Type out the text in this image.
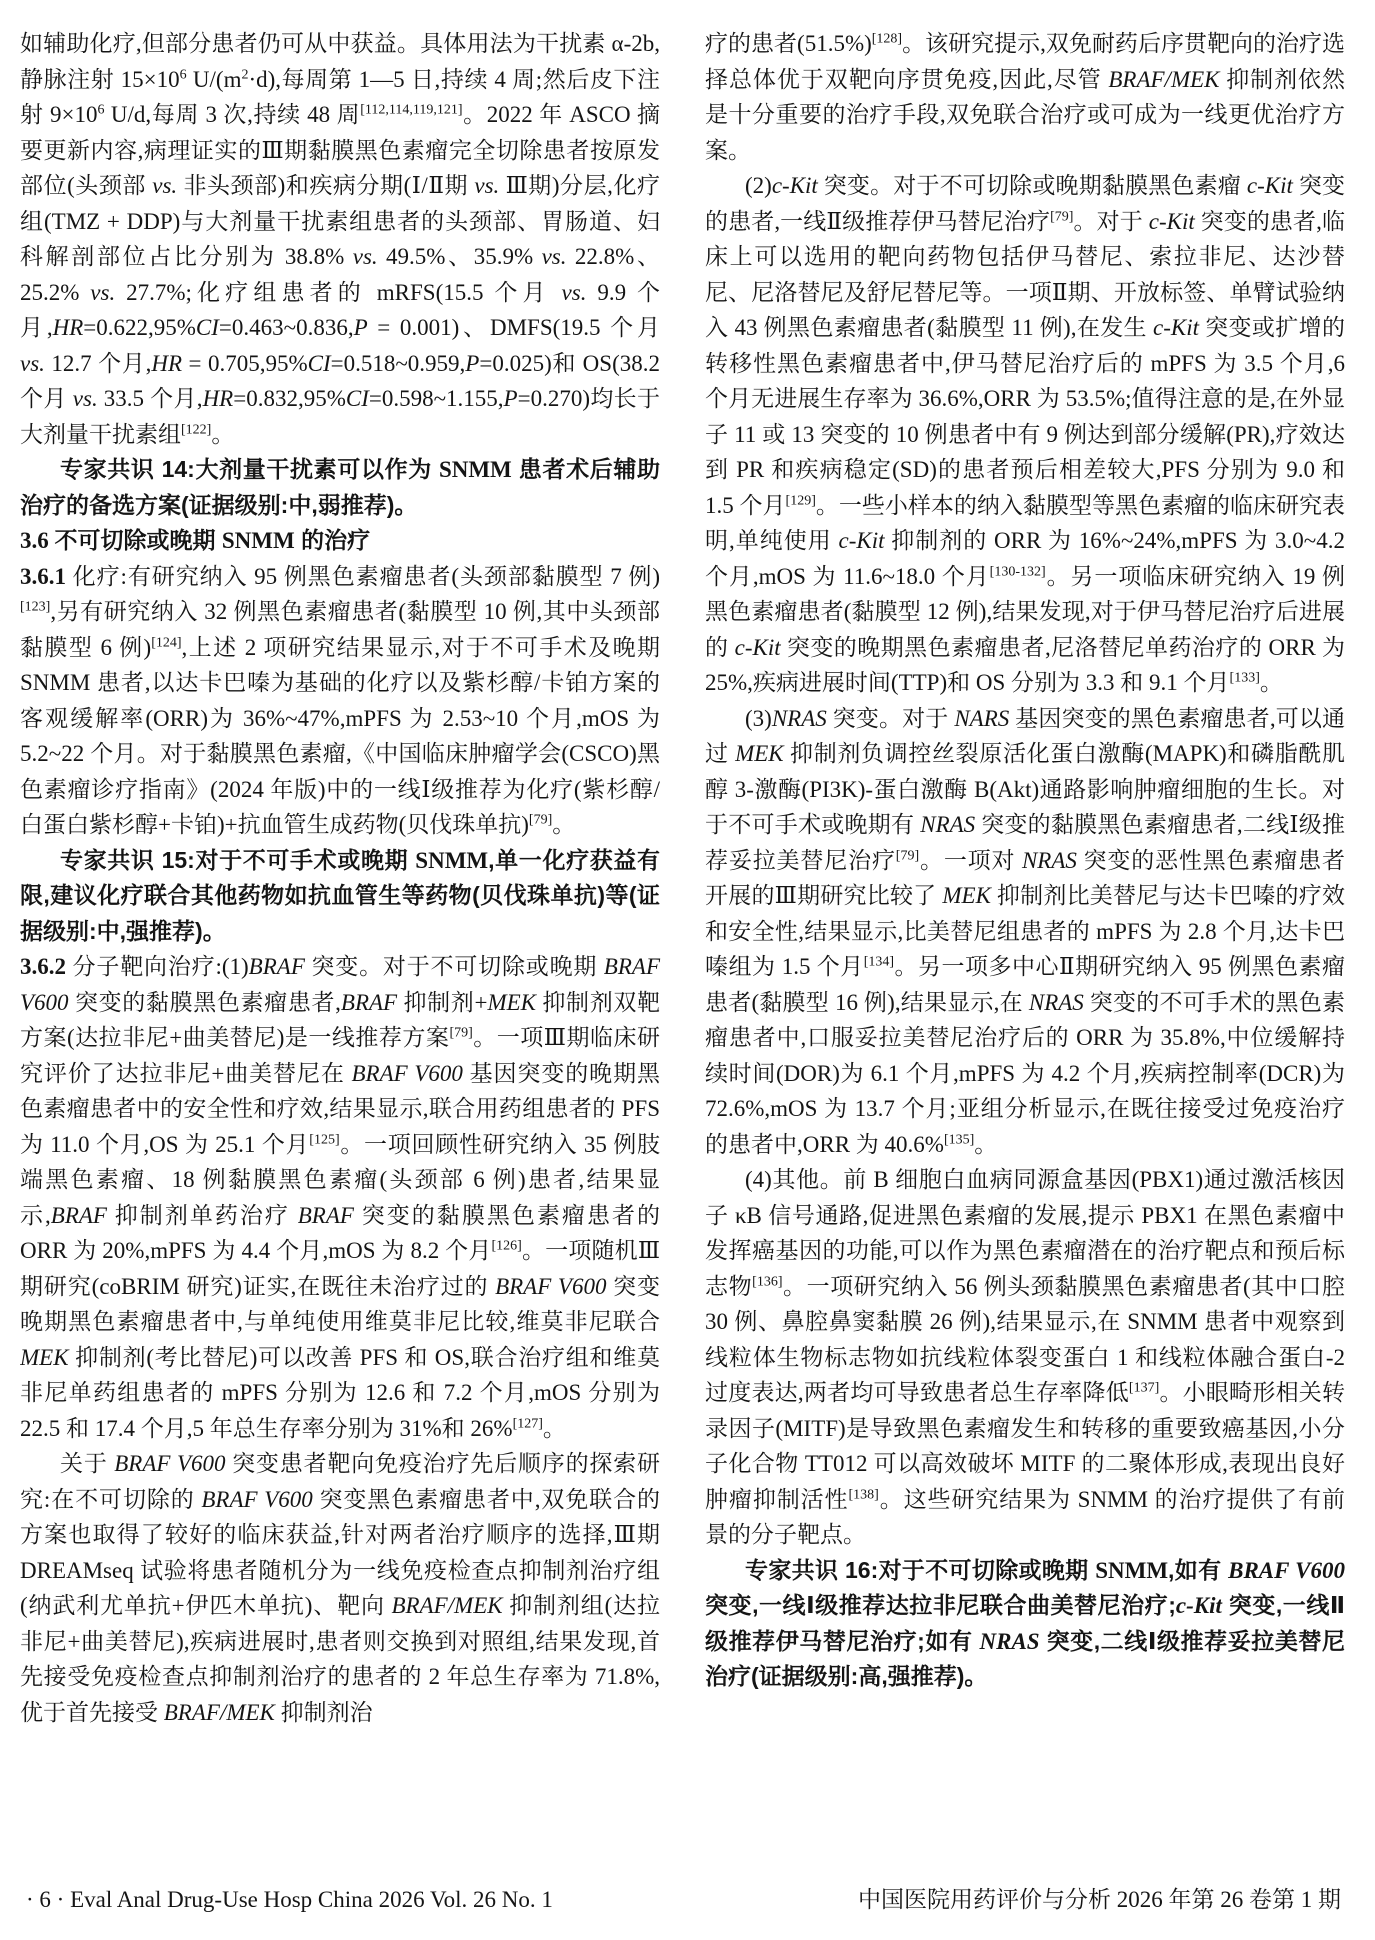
如辅助化疗,但部分患者仍可从中获益。具体用法为干扰素 α-2b,静脉注射 $15\times 10^6$ $U/(m^2\cdot d)$,每周第 1—5 日,持续 4 周;然后皮下注射 $9\times 10^6$ U/d,每周 3 次,持续 48 周[112,114,119,121]。2022 年 ASCO 摘要更新内容,病理证实的Ⅲ期黏膜黑色素瘤完全切除患者按原发部位(头颈部 vs. 非头颈部)和疾病分期(Ⅰ/Ⅱ期 vs. Ⅲ期)分层,化疗组(TMZ + DDP)与大剂量干扰素组患者的头颈部、胃肠道、妇科解剖部位占比分别为 38.8% vs. 49.5%、35.9% vs. 22.8%、25.2% vs. 27.7%;化疗组患者的 mRFS(15.5 个月 vs. 9.9 个月,HR=0.622,95%CI=0.463~0.836,P = 0.001)、DMFS(19.5 个月 vs. 12.7 个月,HR = 0.705,95%CI=0.518~0.959,P=0.025)和 OS(38.2 个月 vs. 33.5 个月,HR=0.832,95%CI=0.598~1.155,P=0.270)均长于大剂量干扰素组[122]。

专家共识 14:大剂量干扰素可以作为 SNMM 患者术后辅助治疗的备选方案(证据级别:中,弱推荐)。

3.6 不可切除或晚期 SNMM 的治疗

3.6.1 化疗:有研究纳入 95 例黑色素瘤患者(头颈部黏膜型 7 例)[123],另有研究纳入 32 例黑色素瘤患者(黏膜型 10 例,其中头颈部黏膜型 6 例)[124],上述 2 项研究结果显示,对于不可手术及晚期 SNMM 患者,以达卡巴嗪为基础的化疗以及紫杉醇/卡铂方案的客观缓解率(ORR)为 36%~47%,mPFS 为 2.53~10 个月,mOS 为 5.2~22 个月。对于黏膜黑色素瘤,《中国临床肿瘤学会(CSCO)黑色素瘤诊疗指南》(2024 年版)中的一线Ⅰ级推荐为化疗(紫杉醇/白蛋白紫杉醇+卡铂)+抗血管生成药物(贝伐珠单抗)[79]。

专家共识 15:对于不可手术或晚期 SNMM,单一化疗获益有限,建议化疗联合其他药物如抗血管生等药物(贝伐珠单抗)等(证据级别:中,强推荐)。

3.6.2 分子靶向治疗:(1)BRAF 突变。对于不可切除或晚期 BRAF V600 突变的黏膜黑色素瘤患者,BRAF 抑制剂+MEK 抑制剂双靶方案(达拉非尼+曲美替尼)是一线推荐方案[79]。一项Ⅲ期临床研究评价了达拉非尼+曲美替尼在 BRAF V600 基因突变的晚期黑色素瘤患者中的安全性和疗效,结果显示,联合用药组患者的 PFS 为 11.0 个月,OS 为 25.1 个月[125]。一项回顾性研究纳入 35 例肢端黑色素瘤、18 例黏膜黑色素瘤(头颈部 6 例)患者,结果显示,BRAF 抑制剂单药治疗 BRAF 突变的黏膜黑色素瘤患者的 ORR 为 20%,mPFS 为 4.4 个月,mOS 为 8.2 个月[126]。一项随机Ⅲ期研究(coBRIM 研究)证实,在既往未治疗过的 BRAF V600 突变晚期黑色素瘤患者中,与单纯使用维莫非尼比较,维莫非尼联合 MEK 抑制剂(考比替尼)可以改善 PFS 和 OS,联合治疗组和维莫非尼单药组患者的 mPFS 分别为 12.6 和 7.2 个月,mOS 分别为 22.5 和 17.4 个月,5 年总生存率分别为 31%和 26%[127]。

关于 BRAF V600 突变患者靶向免疫治疗先后顺序的探索研究:在不可切除的 BRAF V600 突变黑色素瘤患者中,双免联合的方案也取得了较好的临床获益,针对两者治疗顺序的选择,Ⅲ期 DREAMseq 试验将患者随机分为一线免疫检查点抑制剂治疗组(纳武利尤单抗+伊匹木单抗)、靶向 BRAF/MEK 抑制剂组(达拉非尼+曲美替尼),疾病进展时,患者则交换到对照组,结果发现,首先接受免疫检查点抑制剂治疗的患者的 2 年总生存率为 71.8%,优于首先接受 BRAF/MEK 抑制剂治

疗的患者(51.5%)[128]。该研究提示,双免耐药后序贯靶向的治疗选择总体优于双靶向序贯免疫,因此,尽管 BRAF/MEK 抑制剂依然是十分重要的治疗手段,双免联合治疗或可成为一线更优治疗方案。

(2)c-Kit 突变。对于不可切除或晚期黏膜黑色素瘤 c-Kit 突变的患者,一线Ⅱ级推荐伊马替尼治疗[79]。对于 c-Kit 突变的患者,临床上可以选用的靶向药物包括伊马替尼、索拉非尼、达沙替尼、尼洛替尼及舒尼替尼等。一项Ⅱ期、开放标签、单臂试验纳入 43 例黑色素瘤患者(黏膜型 11 例),在发生 c-Kit 突变或扩增的转移性黑色素瘤患者中,伊马替尼治疗后的 mPFS 为 3.5 个月,6 个月无进展生存率为 36.6%,ORR 为 53.5%;值得注意的是,在外显子 11 或 13 突变的 10 例患者中有 9 例达到部分缓解(PR),疗效达到 PR 和疾病稳定(SD)的患者预后相差较大,PFS 分别为 9.0 和 1.5 个月[129]。一些小样本的纳入黏膜型等黑色素瘤的临床研究表明,单纯使用 c-Kit 抑制剂的 ORR 为 16%~24%,mPFS 为 3.0~4.2 个月,mOS 为 11.6~18.0 个月[130-132]。另一项临床研究纳入 19 例黑色素瘤患者(黏膜型 12 例),结果发现,对于伊马替尼治疗后进展的 c-Kit 突变的晚期黑色素瘤患者,尼洛替尼单药治疗的 ORR 为 25%,疾病进展时间(TTP)和 OS 分别为 3.3 和 9.1 个月[133]。

(3)NRAS 突变。对于 NARS 基因突变的黑色素瘤患者,可以通过 MEK 抑制剂负调控丝裂原活化蛋白激酶(MAPK)和磷脂酰肌醇 3-激酶(PI3K)-蛋白激酶 B(Akt)通路影响肿瘤细胞的生长。对于不可手术或晚期有 NRAS 突变的黏膜黑色素瘤患者,二线Ⅰ级推荐妥拉美替尼治疗[79]。一项对 NRAS 突变的恶性黑色素瘤患者开展的Ⅲ期研究比较了 MEK 抑制剂比美替尼与达卡巴嗪的疗效和安全性,结果显示,比美替尼组患者的 mPFS 为 2.8 个月,达卡巴嗪组为 1.5 个月[134]。另一项多中心Ⅱ期研究纳入 95 例黑色素瘤患者(黏膜型 16 例),结果显示,在 NRAS 突变的不可手术的黑色素瘤患者中,口服妥拉美替尼治疗后的 ORR 为 35.8%,中位缓解持续时间(DOR)为 6.1 个月,mPFS 为 4.2 个月,疾病控制率(DCR)为 72.6%,mOS 为 13.7 个月;亚组分析显示,在既往接受过免疫治疗的患者中,ORR 为 40.6%[135]。

(4)其他。前 B 细胞白血病同源盒基因(PBX1)通过激活核因子 κB 信号通路,促进黑色素瘤的发展,提示 PBX1 在黑色素瘤中发挥癌基因的功能,可以作为黑色素瘤潜在的治疗靶点和预后标志物[136]。一项研究纳入 56 例头颈黏膜黑色素瘤患者(其中口腔 30 例、鼻腔鼻窦黏膜 26 例),结果显示,在 SNMM 患者中观察到线粒体生物标志物如抗线粒体裂变蛋白 1 和线粒体融合蛋白-2 过度表达,两者均可导致患者总生存率降低[137]。小眼畸形相关转录因子(MITF)是导致黑色素瘤发生和转移的重要致癌基因,小分子化合物 TT012 可以高效破坏 MITF 的二聚体形成,表现出良好肿瘤抑制活性[138]。这些研究结果为 SNMM 的治疗提供了有前景的分子靶点。

专家共识 16:对于不可切除或晚期 SNMM,如有 BRAF V600 突变,一线Ⅰ级推荐达拉非尼联合曲美替尼治疗;c-Kit 突变,一线Ⅱ级推荐伊马替尼治疗;如有 NRAS 突变,二线Ⅰ级推荐妥拉美替尼治疗(证据级别:高,强推荐)。

· 6 · Eval Anal Drug-Use Hosp China 2026 Vol. 26 No. 1	中国医院用药评价与分析 2026 年第 26 卷第 1 期
